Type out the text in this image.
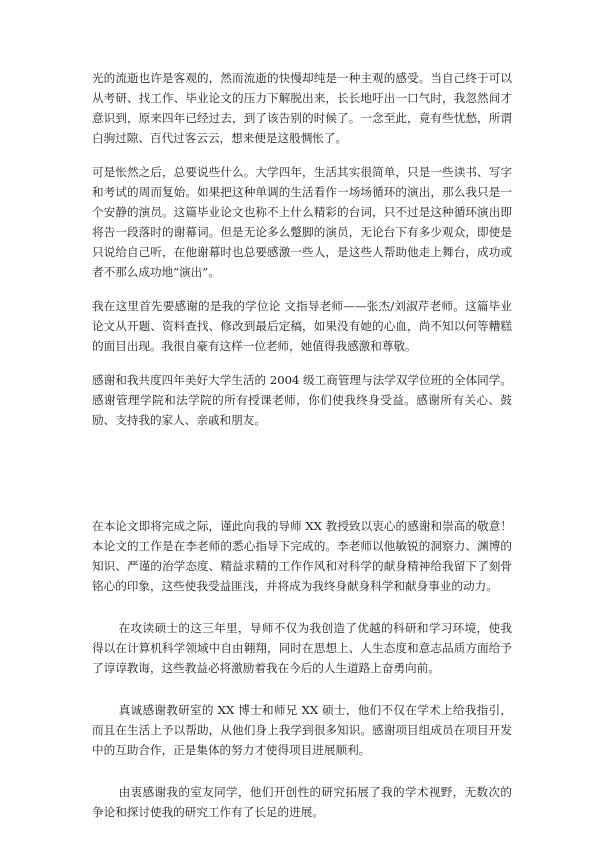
光的流逝也许是客观的，然而流逝的快慢却纯是一种主观的感受。当自己终于可以从考研、找工作、毕业论文的压力下解脱出来，长长地吁出一口气时，我忽然间才意识到，原来四年已经过去，到了该告别的时候了。一念至此，竟有些忧愁，所谓白驹过隙、百代过客云云，想来便是这般惆怅了。

可是怅然之后，总要说些什么。大学四年，生活其实很简单，只是一些读书、写字和考试的周而复始。如果把这种单调的生活看作一场场循环的演出，那么我只是一个安静的演员。这篇毕业论文也称不上什么精彩的台词，只不过是这种循环演出即将告一段落时的谢幕词。但是无论多么蹩脚的演员，无论台下有多少观众，即使是只说给自己听，在他谢幕时也总要感激一些人，是这些人帮助他走上舞台，成功或者不那么成功地“演出”。

我在这里首先要感谢的是我的学位论 文指导老师——张杰/刘淑芹老师。这篇毕业论文从开题、资料查找、修改到最后定稿，如果没有她的心血，尚不知以何等糟糕的面目出现。我很自豪有这样一位老师，她值得我感激和尊敬。

感谢和我共度四年美好大学生活的 2004 级工商管理与法学双学位班的全体同学。感谢管理学院和法学院的所有授课老师，你们使我终身受益。感谢所有关心、鼓励、支持我的家人、亲戚和朋友。

在本论文即将完成之际，谨此向我的导师 XX 教授致以衷心的感谢和崇高的敬意！本论文的工作是在李老师的悉心指导下完成的。李老师以他敏锐的洞察力、渊博的知识、严谨的治学态度、精益求精的工作作风和对科学的献身精神给我留下了刻骨铭心的印象，这些使我受益匪浅，并将成为我终身献身科学和献身事业的动力。

在攻读硕士的这三年里，导师不仅为我创造了优越的科研和学习环境，使我得以在计算机科学领域中自由翱翔，同时在思想上、人生态度和意志品质方面给予了谆谆教诲，这些教益必将激励着我在今后的人生道路上奋勇向前。

真诚感谢教研室的 XX 博士和师兄 XX 硕士，他们不仅在学术上给我指引，而且在生活上予以帮助，从他们身上我学到很多知识。感谢项目组成员在项目开发中的互助合作，正是集体的努力才使得项目进展顺利。

由衷感谢我的室友同学，他们开创性的研究拓展了我的学术视野，无数次的争论和探讨使我的研究工作有了长足的进展。
